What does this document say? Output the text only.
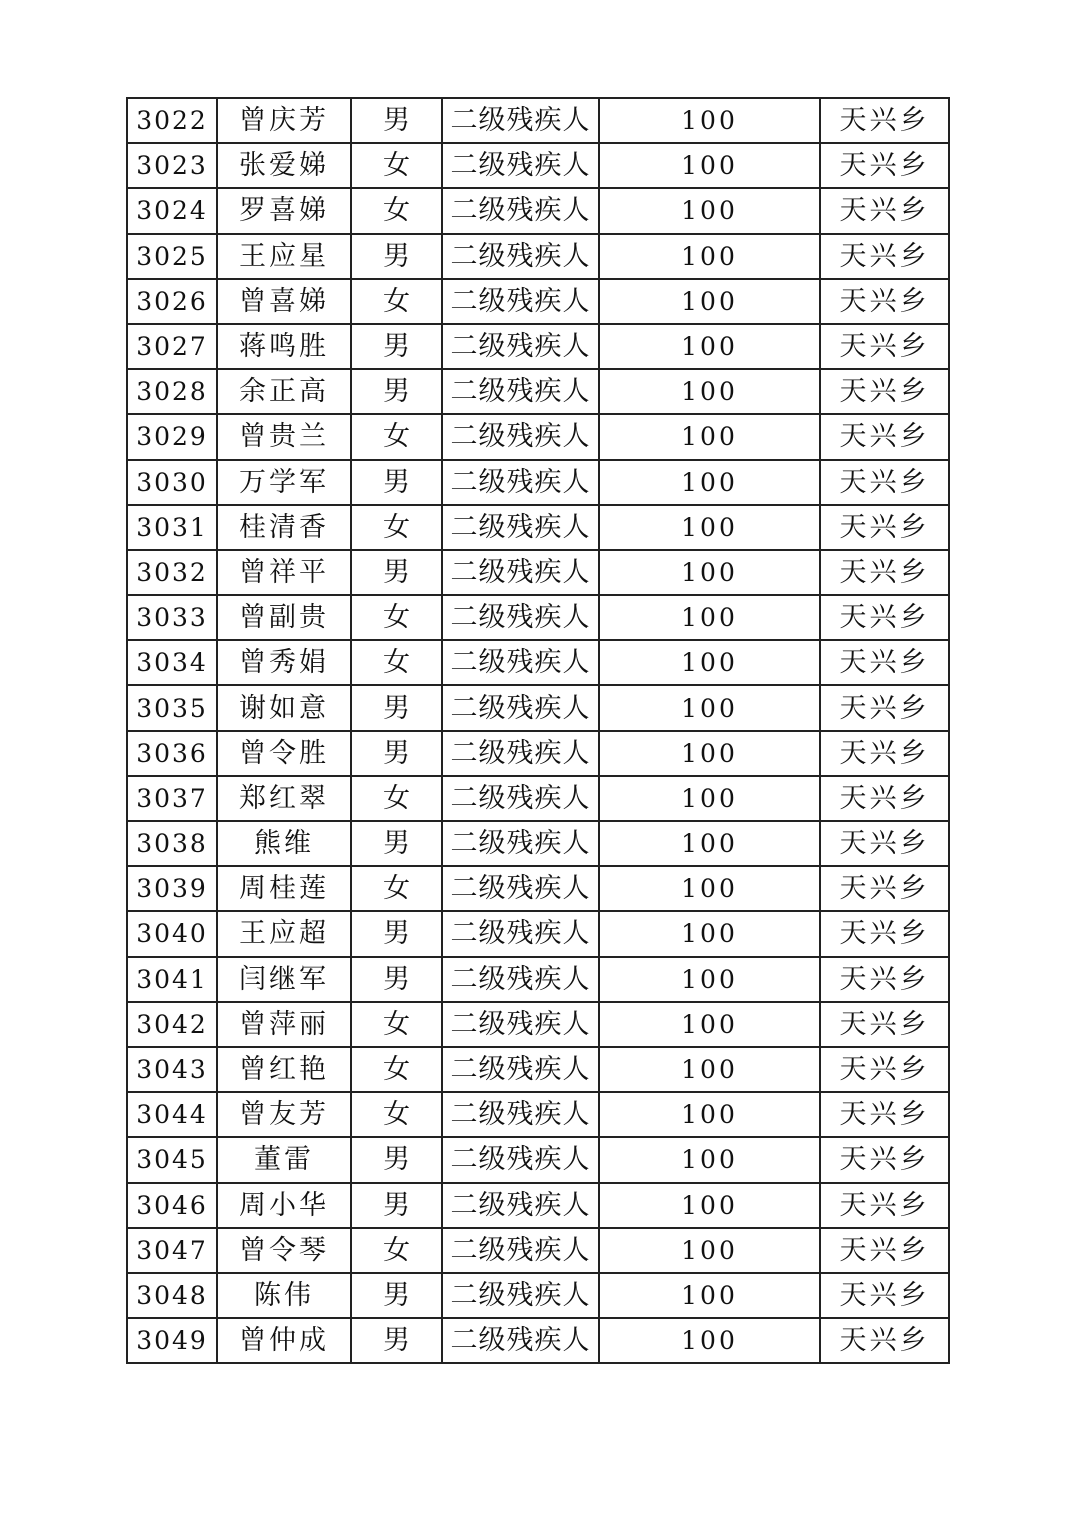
3022	曾庆芳	男	二级残疾人	100	天兴乡
3023	张爱娣	女	二级残疾人	100	天兴乡
3024	罗喜娣	女	二级残疾人	100	天兴乡
3025	王应星	男	二级残疾人	100	天兴乡
3026	曾喜娣	女	二级残疾人	100	天兴乡
3027	蒋鸣胜	男	二级残疾人	100	天兴乡
3028	余正高	男	二级残疾人	100	天兴乡
3029	曾贵兰	女	二级残疾人	100	天兴乡
3030	万学军	男	二级残疾人	100	天兴乡
3031	桂清香	女	二级残疾人	100	天兴乡
3032	曾祥平	男	二级残疾人	100	天兴乡
3033	曾副贵	女	二级残疾人	100	天兴乡
3034	曾秀娟	女	二级残疾人	100	天兴乡
3035	谢如意	男	二级残疾人	100	天兴乡
3036	曾令胜	男	二级残疾人	100	天兴乡
3037	郑红翠	女	二级残疾人	100	天兴乡
3038	熊维	男	二级残疾人	100	天兴乡
3039	周桂莲	女	二级残疾人	100	天兴乡
3040	王应超	男	二级残疾人	100	天兴乡
3041	闫继军	男	二级残疾人	100	天兴乡
3042	曾萍丽	女	二级残疾人	100	天兴乡
3043	曾红艳	女	二级残疾人	100	天兴乡
3044	曾友芳	女	二级残疾人	100	天兴乡
3045	董雷	男	二级残疾人	100	天兴乡
3046	周小华	男	二级残疾人	100	天兴乡
3047	曾令琴	女	二级残疾人	100	天兴乡
3048	陈伟	男	二级残疾人	100	天兴乡
3049	曾仲成	男	二级残疾人	100	天兴乡
